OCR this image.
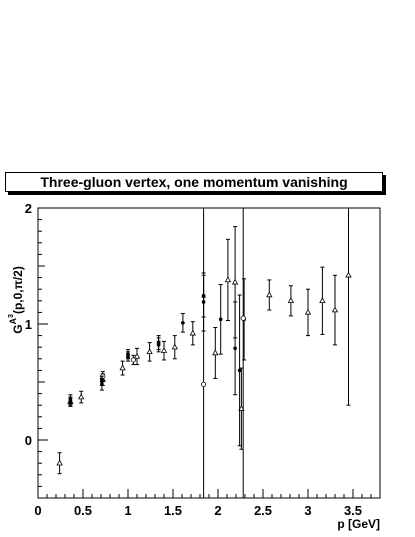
Three-gluon vertex, one momentum vanishing
0
1
2
0 0.5 1 1.5 2 2.5 3 3.5
p [GeV]
$G^{A3}(p,0,\pi/2)$
